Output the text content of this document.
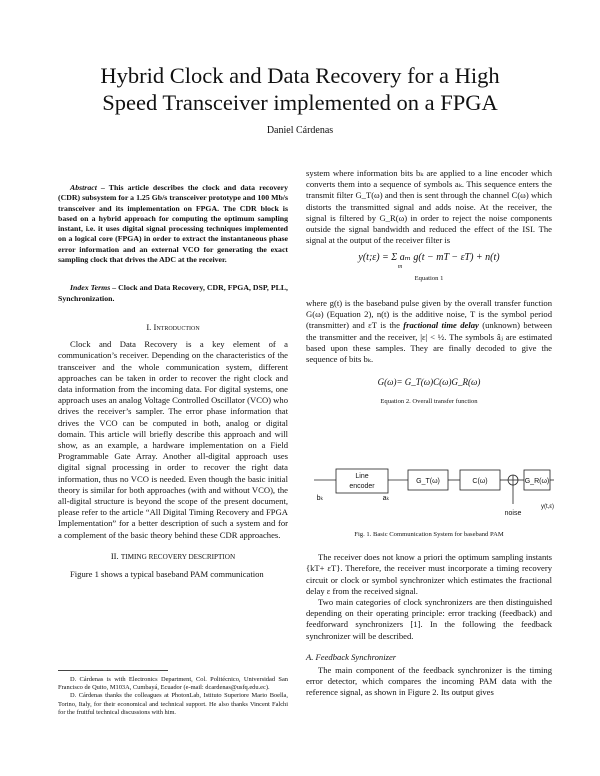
Hybrid Clock and Data Recovery for a High
Speed Transceiver implemented on a FPGA
Daniel Cárdenas
Abstract – This article describes the clock and data recovery (CDR) subsystem for a 1.25 Gb/s transceiver prototype and 100 Mb/s transceiver and its implementation on FPGA. The CDR block is based on a hybrid approach for computing the optimum sampling instant, i.e. it uses digital signal processing techniques implemented on a logical core (FPGA) in order to extract the instantaneous phase error information and an external VCO for generating the exact sampling clock that drives the ADC at the receiver.
Index Terms – Clock and Data Recovery, CDR, FPGA, DSP, PLL, Synchronization.

I. Introduction

Clock and Data Recovery is a key element of a communication’s receiver. Depending on the characteristics of the transceiver and the whole communication system, different approaches can be taken in order to recover the right clock and data information from the incoming data. For digital systems, one approach uses an analog Voltage Controlled Oscillator (VCO) who drives the receiver’s sampler. The error phase information that drives the VCO can be computed in both, analog or digital domain. This article will briefly describe this approach and will show, as an example, a hardware implementation on a Field Programmable Gate Array. Another all-digital approach uses digital signal processing in order to recover the right data information, thus no VCO is needed. Even though the basic initial theory is similar for both approaches (with and without VCO), the all-digital structure is beyond the scope of the present document, please refer to the article “All Digital Timing Recovery and FPGA Implementation” for a better description of such a system and for a complement of the basic theory behind these CDR approaches.

II. TIMING RECOVERY DESCRIPTION

Figure 1 shows a typical baseband PAM communication

D. Cárdenas is with Electronics Department, Col. Politécnico, Universidad San Francisco de Quito, M103A, Cumbayá, Ecuador (e-mail: dcardenas@usfq.edu.ec).
D. Cárdenas thanks the colleagues at PhotonLab, Istituto Superiore Mario Boella, Torino, Italy, for their economical and technical support. He also thanks Vincent Falchi for the fruitful technical discussions with him.

system where information bits bₖ are applied to a line encoder which converts them into a sequence of symbols aₖ. This sequence enters the transmit filter G_T(ω) and then is sent through the channel C(ω) which distorts the transmitted signal and adds noise. At the receiver, the signal is filtered by G_R(ω) in order to reject the noise components outside the signal bandwidth and reduced the effect of the ISI. The signal at the output of the receiver filter is

y(t;ε) = Σ aₘ g(t − mT − εT) + n(t)
m
Equation 1

where g(t) is the baseband pulse given by the overall transfer function G(ω) (Equation 2), n(t) is the additive noise, T is the symbol period (transmitter) and εT is the fractional time delay (unknown) between the transmitter and the receiver, |ε| < ½. The symbols âⱼ are estimated based upon these samples. They are finally decoded to give the sequence of bits bₖ.

G(ω)= G_T(ω)C(ω)G_R(ω)
Equation 2. Overall transfer function
Line
encoder
G_T(ω)	C(ω)	G_R(ω)
bₖ	aₖ
noise
y(t,ε)
Fig. 1. Basic Communication System for baseband PAM

The receiver does not know a priori the optimum sampling instants {kT+ εT}. Therefore, the receiver must incorporate a timing recovery circuit or clock or symbol synchronizer which estimates the fractional delay ε from the received signal.

Two main categories of clock synchronizers are then distinguished depending on their operating principle: error tracking (feedback) and feedforward synchronizers [1]. In the following the feedback synchronizer will be described.

A. Feedback Synchronizer

The main component of the feedback synchronizer is the timing error detector, which compares the incoming PAM data with the reference signal, as shown in Figure 2. Its output gives
